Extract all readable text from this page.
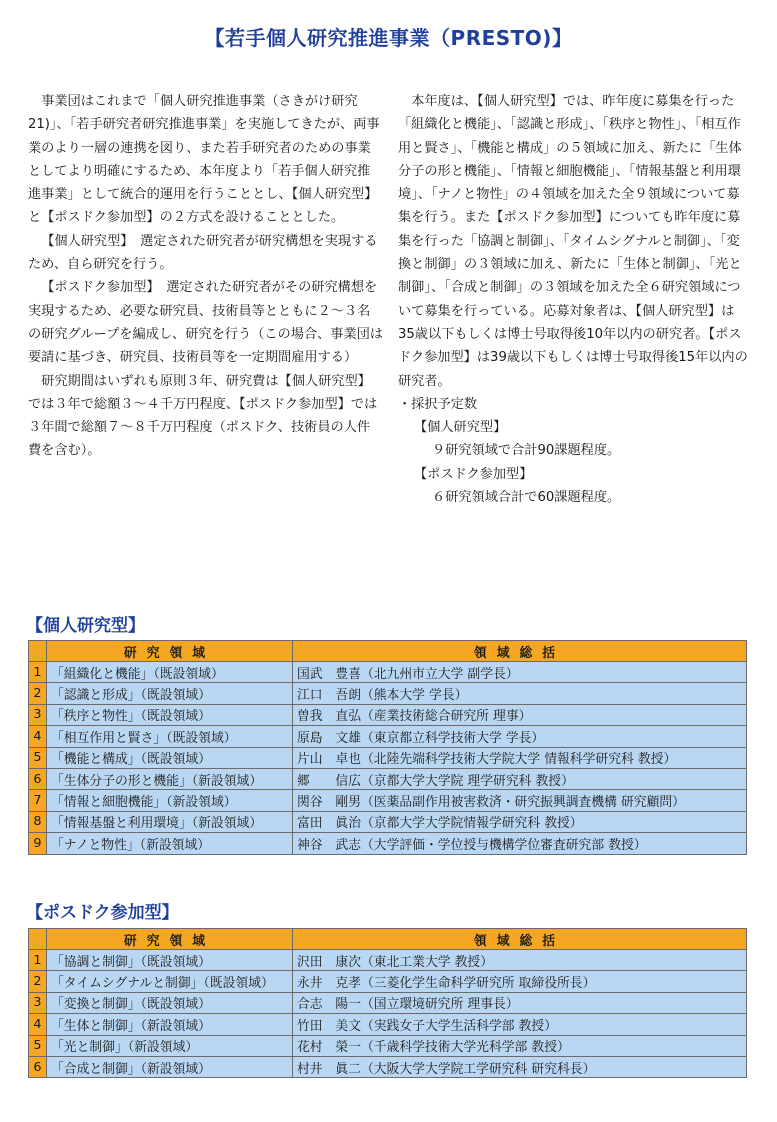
【若手個人研究推進事業（PRESTO)】

事業団はこれまで「個人研究推進事業（さきがけ研究21)」、「若手研究者研究推進事業」を実施してきたが、両事業のより一層の連携を図り、また若手研究者のための事業としてより明確にするため、本年度より「若手個人研究推進事業」として統合的運用を行うこととし、【個人研究型】と【ポスドク参加型】の２方式を設けることとした。

【個人研究型】　選定された研究者が研究構想を実現するため、自ら研究を行う。

【ポスドク参加型】　選定された研究者がその研究構想を実現するため、必要な研究員、技術員等とともに２～３名の研究グループを編成し、研究を行う（この場合、事業団は要請に基づき、研究員、技術員等を一定期間雇用する）

研究期間はいずれも原則３年、研究費は【個人研究型】では３年で総額３～４千万円程度、【ポスドク参加型】では３年間で総額７～８千万円程度（ポスドク、技術員の人件費を含む）。

本年度は、【個人研究型】では、昨年度に募集を行った「組織化と機能」、「認識と形成」、「秩序と物性」、「相互作用と賢さ」、「機能と構成」の５領域に加え、新たに「生体分子の形と機能」、「情報と細胞機能」、「情報基盤と利用環境」、「ナノと物性」の４領域を加えた全９領域について募集を行う。また【ポスドク参加型】についても昨年度に募集を行った「協調と制御」、「タイムシグナルと制御」、「変換と制御」の３領域に加え、新たに「生体と制御」、「光と制御」、「合成と制御」の３領域を加えた全６研究領域について募集を行っている。応募対象者は、【個人研究型】は35歳以下もしくは博士号取得後10年以内の研究者。【ポスドク参加型】は39歳以下もしくは博士号取得後15年以内の研究者。

・採択予定数

【個人研究型】

９研究領域で合計90課題程度。

【ポスドク参加型】

６研究領域合計で60課題程度。

【個人研究型】
	研究領域	領域総括
1	「組織化と機能」（既設領域）	国武　豊喜（北九州市立大学 副学長）
2	「認識と形成」（既設領域）	江口　吾朗（熊本大学 学長）
3	「秩序と物性」（既設領域）	曽我　直弘（産業技術総合研究所 理事）
4	「相互作用と賢さ」（既設領域）	原島　文雄（東京都立科学技術大学 学長）
5	「機能と構成」（既設領域）	片山　卓也（北陸先端科学技術大学院大学 情報科学研究科 教授）
6	「生体分子の形と機能」（新設領域）	郷　　信広（京都大学大学院 理学研究科 教授）
7	「情報と細胞機能」（新設領域）	関谷　剛男（医薬品副作用被害救済・研究振興調査機構 研究顧問）
8	「情報基盤と利用環境」（新設領域）	富田　眞治（京都大学大学院情報学研究科 教授）
9	「ナノと物性」（新設領域）	神谷　武志（大学評価・学位授与機構学位審査研究部 教授）
【ポスドク参加型】
	研究領域	領域総括
1	「協調と制御」（既設領域）	沢田　康次（東北工業大学 教授）
2	「タイムシグナルと制御」（既設領域）	永井　克孝（三菱化学生命科学研究所 取締役所長）
3	「変換と制御」（既設領域）	合志　陽一（国立環境研究所 理事長）
4	「生体と制御」（新設領域）	竹田　美文（実践女子大学生活科学部 教授）
5	「光と制御」（新設領域）	花村　榮一（千歳科学技術大学光科学部 教授）
6	「合成と制御」（新設領域）	村井　眞二（大阪大学大学院工学研究科 研究科長）
